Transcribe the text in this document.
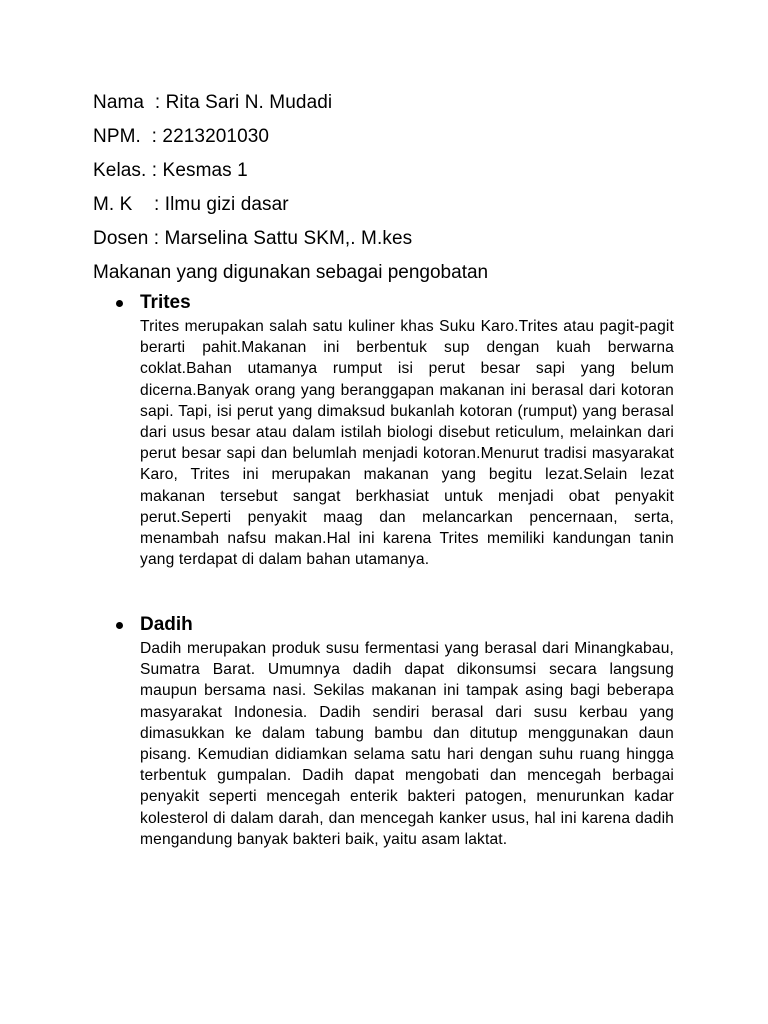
Nama  : Rita Sari N. Mudadi
NPM.  : 2213201030
Kelas. : Kesmas 1
M. K    : Ilmu gizi dasar
Dosen : Marselina Sattu SKM,. M.kes
Makanan yang digunakan sebagai pengobatan
Trites
Trites merupakan salah satu kuliner khas Suku Karo.Trites atau pagit-pagit berarti pahit.Makanan ini berbentuk sup dengan kuah berwarna coklat.Bahan utamanya rumput isi perut besar sapi yang belum dicerna.Banyak orang yang beranggapan makanan ini berasal dari kotoran sapi. Tapi, isi perut yang dimaksud bukanlah kotoran (rumput) yang berasal dari usus besar atau dalam istilah biologi disebut reticulum, melainkan dari perut besar sapi dan belumlah menjadi kotoran.Menurut tradisi masyarakat Karo, Trites ini merupakan makanan yang begitu lezat.Selain lezat makanan tersebut sangat berkhasiat untuk menjadi obat penyakit perut.Seperti penyakit maag dan melancarkan pencernaan, serta, menambah nafsu makan.Hal ini karena Trites memiliki kandungan tanin yang terdapat di dalam bahan utamanya.
Dadih
Dadih merupakan produk susu fermentasi yang berasal dari Minangkabau, Sumatra Barat. Umumnya dadih dapat dikonsumsi secara langsung maupun bersama nasi. Sekilas makanan ini tampak asing bagi beberapa masyarakat Indonesia. Dadih sendiri berasal dari susu kerbau yang dimasukkan ke dalam tabung bambu dan ditutup menggunakan daun pisang. Kemudian didiamkan selama satu hari dengan suhu ruang hingga terbentuk gumpalan. Dadih dapat mengobati dan mencegah berbagai penyakit seperti mencegah enterik bakteri patogen, menurunkan kadar kolesterol di dalam darah, dan mencegah kanker usus, hal ini karena dadih mengandung banyak bakteri baik, yaitu asam laktat.
